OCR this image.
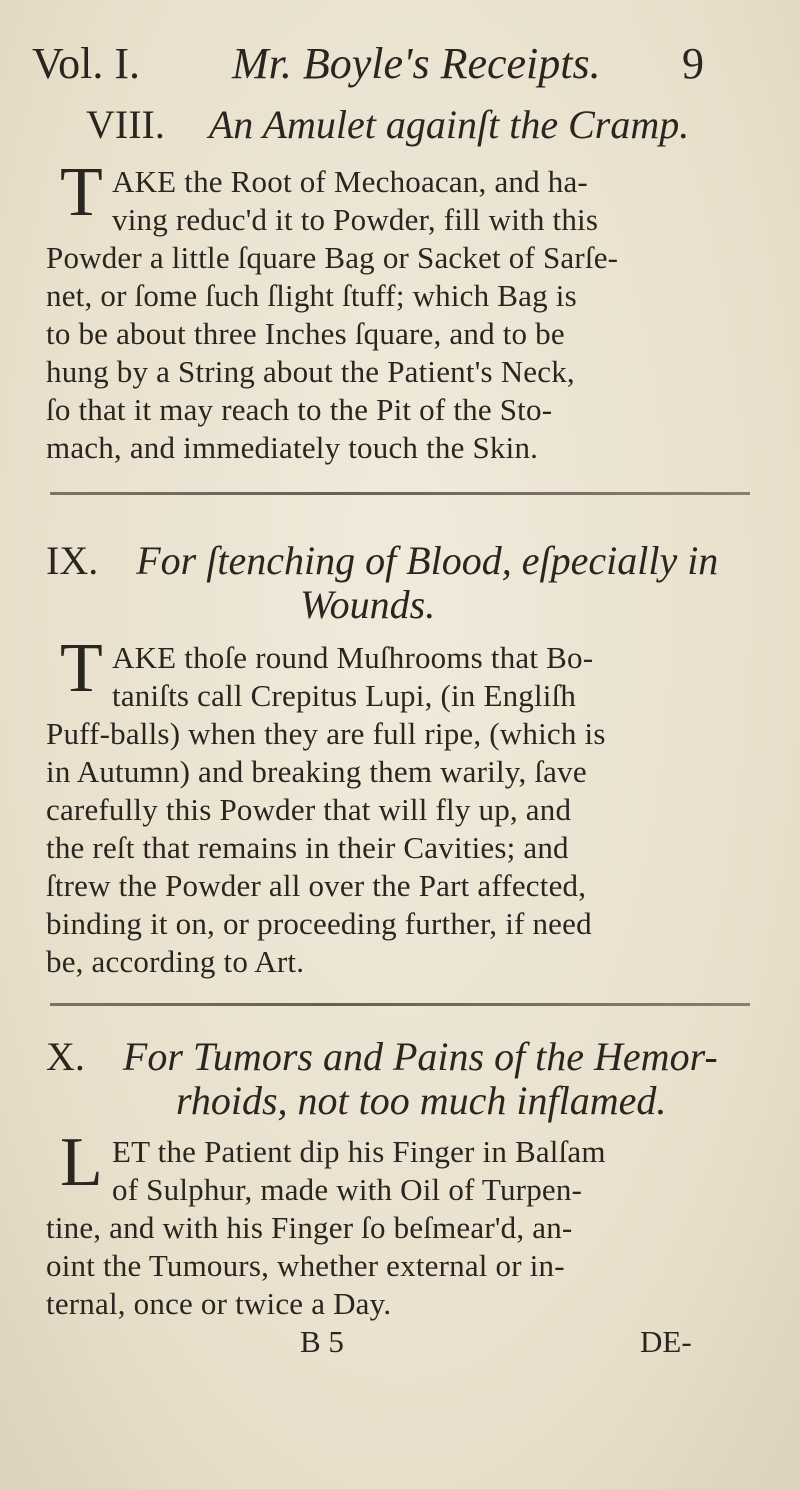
Vol. I. Mr. Boyle's Receipts. 9
VIII. An Amulet againſt the Cramp.
T AKE the Root of Mechoacan, and ha-
ving reduc'd it to Powder, fill with this
Powder a little ſquare Bag or Sacket of Sarſe-
net, or ſome ſuch ſlight ſtuff; which Bag is
to be about three Inches ſquare, and to be
hung by a String about the Patient's Neck,
ſo that it may reach to the Pit of the Sto-
mach, and immediately touch the Skin.
IX. For ſtenching of Blood, eſpecially in
Wounds.
T AKE thoſe round Muſhrooms that Bo-
taniſts call Crepitus Lupi, (in Engliſh
Puff-balls) when they are full ripe, (which is
in Autumn) and breaking them warily, ſave
carefully this Powder that will fly up, and
the reſt that remains in their Cavities; and
ſtrew the Powder all over the Part affected,
binding it on, or proceeding further, if need
be, according to Art.
X. For Tumors and Pains of the Hemor-
rhoids, not too much inflamed.
L ET the Patient dip his Finger in Balſam
of Sulphur, made with Oil of Turpen-
tine, and with his Finger ſo beſmear'd, an-
oint the Tumours, whether external or in-
ternal, once or twice a Day.
B 5	DE-
